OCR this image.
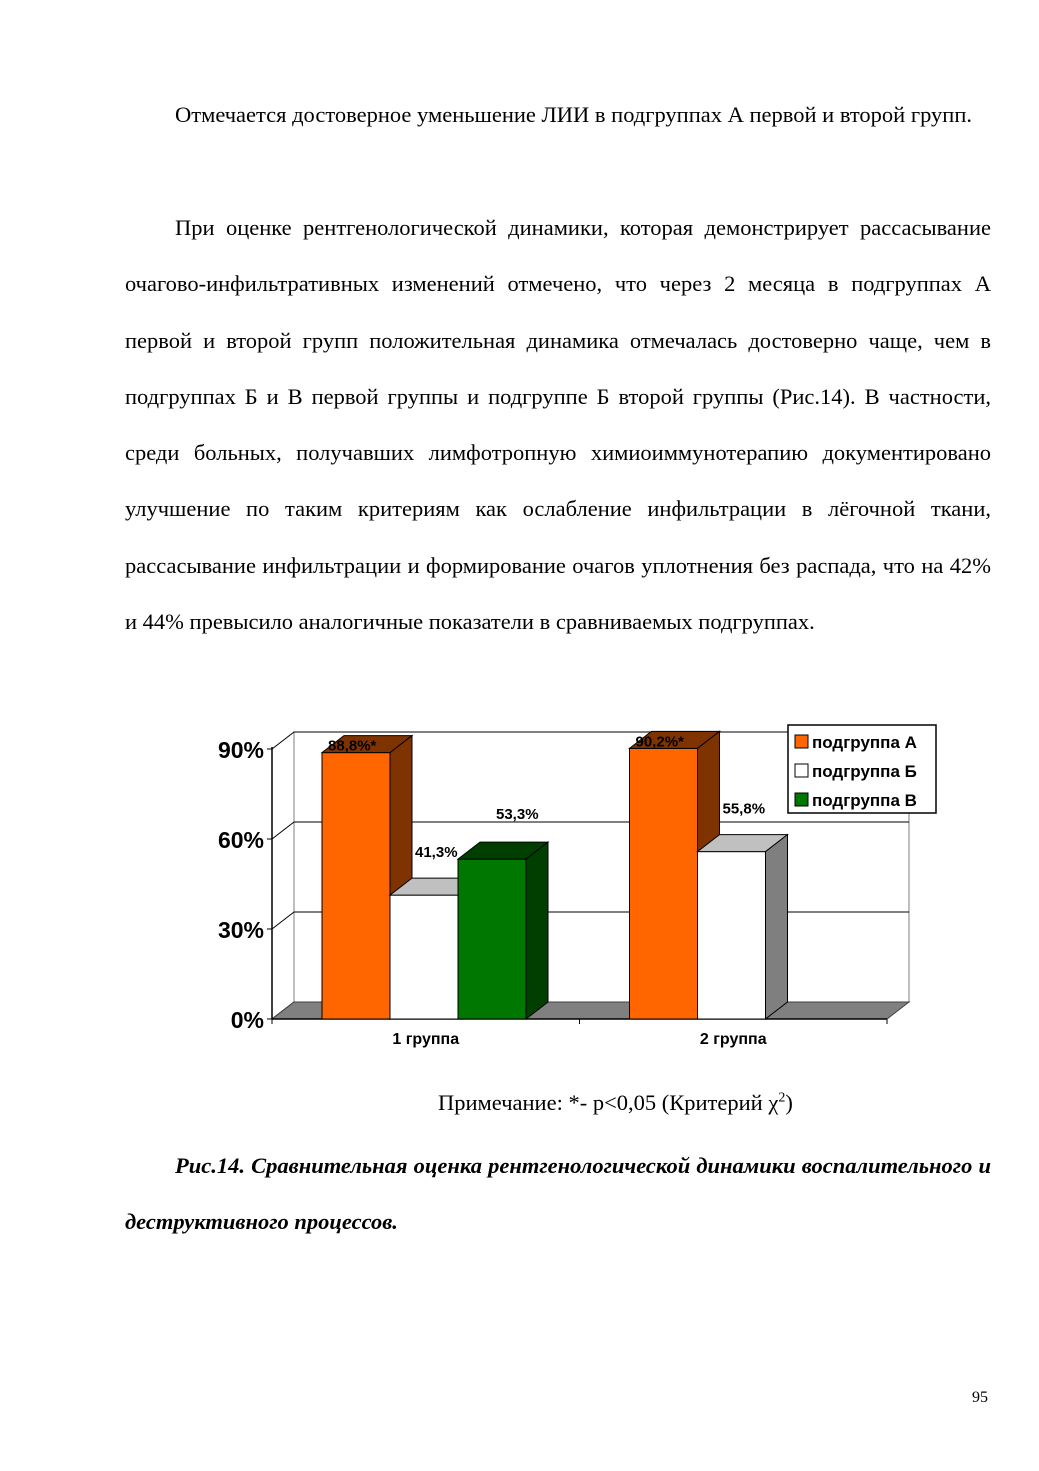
Отмечается достоверное уменьшение ЛИИ в подгруппах А первой и второй групп.

При оценке рентгенологической динамики, которая демонстрирует рассасывание очагово-инфильтративных изменений отмечено, что через 2 месяца в подгруппах А первой и второй групп положительная динамика отмечалась достоверно чаще, чем в подгруппах Б и В первой группы и подгруппе Б второй группы (Рис.14). В частности, среди больных, получавших лимфотропную химиоиммунотерапию документировано улучшение по таким критериям как ослабление инфильтрации в лёгочной ткани, рассасывание инфильтрации и формирование очагов уплотнения без распада, что на 42% и 44% превысило аналогичные показатели в сравниваемых подгруппах.

0%
30%
60%
90%	88,8%*
41,3%
53,3%
90,2%*
55,8%
1 группа	2 группа
подгруппа А
подгруппа Б
подгруппа В
Примечание: *- p<0,05 (Критерий $\chi^2$)

Рис.14. Сравнительная оценка рентгенологической динамики воспалительного и деструктивного процессов.

95
